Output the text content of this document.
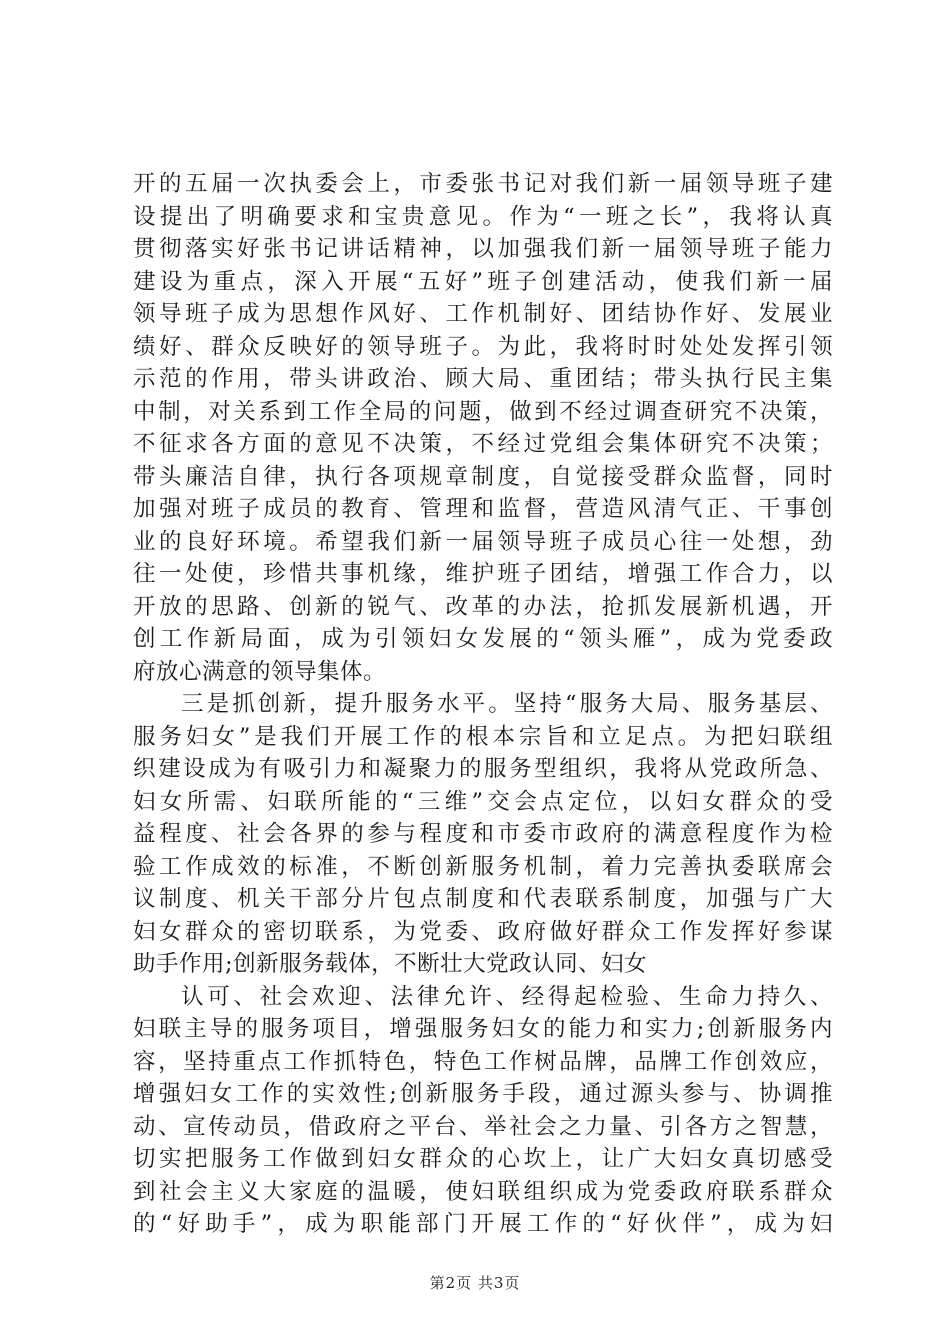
开的五届一次执委会上，市委张书记对我们新一届领导班子建
设提出了明确要求和宝贵意见。作为“一班之长”，我将认真
贯彻落实好张书记讲话精神，以加强我们新一届领导班子能力
建设为重点，深入开展“五好”班子创建活动，使我们新一届
领导班子成为思想作风好、工作机制好、团结协作好、发展业
绩好、群众反映好的领导班子。为此，我将时时处处发挥引领
示范的作用，带头讲政治、顾大局、重团结；带头执行民主集
中制，对关系到工作全局的问题，做到不经过调查研究不决策，
不征求各方面的意见不决策，不经过党组会集体研究不决策；
带头廉洁自律，执行各项规章制度，自觉接受群众监督，同时
加强对班子成员的教育、管理和监督，营造风清气正、干事创
业的良好环境。希望我们新一届领导班子成员心往一处想，劲
往一处使，珍惜共事机缘，维护班子团结，增强工作合力，以
开放的思路、创新的锐气、改革的办法，抢抓发展新机遇，开
创工作新局面，成为引领妇女发展的“领头雁”，成为党委政
府放心满意的领导集体。
三是抓创新，提升服务水平。坚持“服务大局、服务基层、
服务妇女”是我们开展工作的根本宗旨和立足点。为把妇联组
织建设成为有吸引力和凝聚力的服务型组织，我将从党政所急、
妇女所需、妇联所能的“三维”交会点定位，以妇女群众的受
益程度、社会各界的参与程度和市委市政府的满意程度作为检
验工作成效的标准，不断创新服务机制，着力完善执委联席会
议制度、机关干部分片包点制度和代表联系制度，加强与广大
妇女群众的密切联系，为党委、政府做好群众工作发挥好参谋
助手作用;创新服务载体，不断壮大党政认同、妇女
认可、社会欢迎、法律允许、经得起检验、生命力持久、
妇联主导的服务项目，增强服务妇女的能力和实力;创新服务内
容，坚持重点工作抓特色，特色工作树品牌，品牌工作创效应，
增强妇女工作的实效性;创新服务手段，通过源头参与、协调推
动、宣传动员，借政府之平台、举社会之力量、引各方之智慧，
切实把服务工作做到妇女群众的心坎上，让广大妇女真切感受
到社会主义大家庭的温暖，使妇联组织成为党委政府联系群众
的“好助手”，成为职能部门开展工作的“好伙伴”，成为妇
第2页 共3页
